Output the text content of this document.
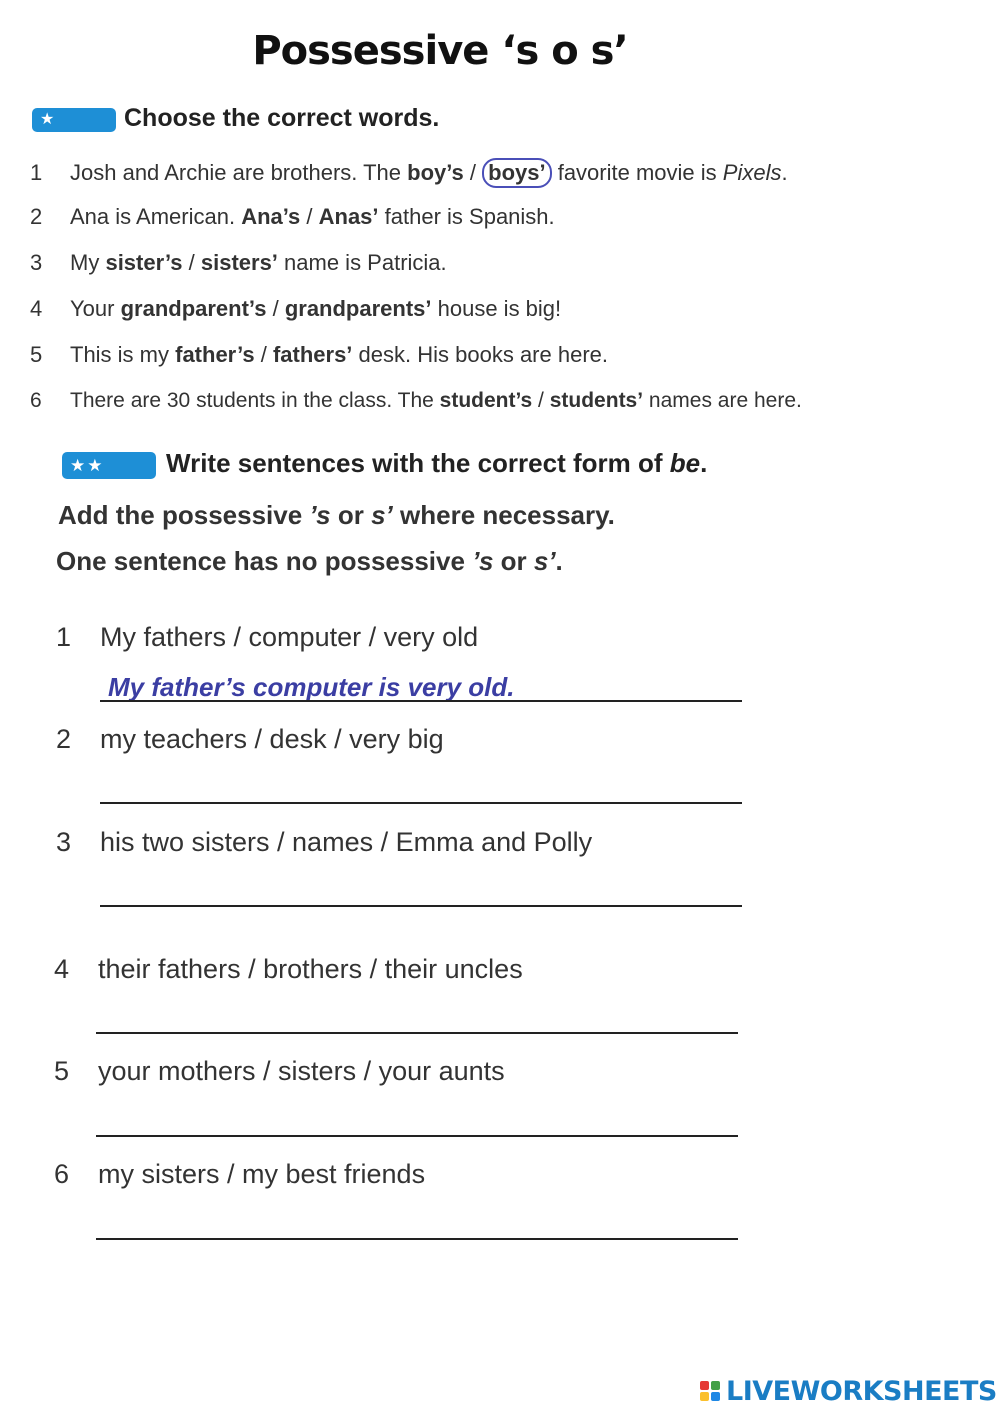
Possessive ‘s o s’
★	Choose the correct words.
1 Josh and Archie are brothers. The boy’s / boys’ favorite movie is Pixels.
2 Ana is American. Ana’s / Anas’ father is Spanish.
3 My sister’s / sisters’ name is Patricia.
4 Your grandparent’s / grandparents’ house is big!
5 This is my father’s / fathers’ desk. His books are here.
6 There are 30 students in the class. The student’s / students’ names are here.
★★	Write sentences with the correct form of be.
Add the possessive ’s or s’ where necessary.
One sentence has no possessive ’s or s’.
1 My fathers / computer / very old
My father’s computer is very old.
2 my teachers / desk / very big
3 his two sisters / names / Emma and Polly
4 their fathers / brothers / their uncles
5 your mothers / sisters / your aunts
6 my sisters / my best friends
LIVEWORKSHEETS
